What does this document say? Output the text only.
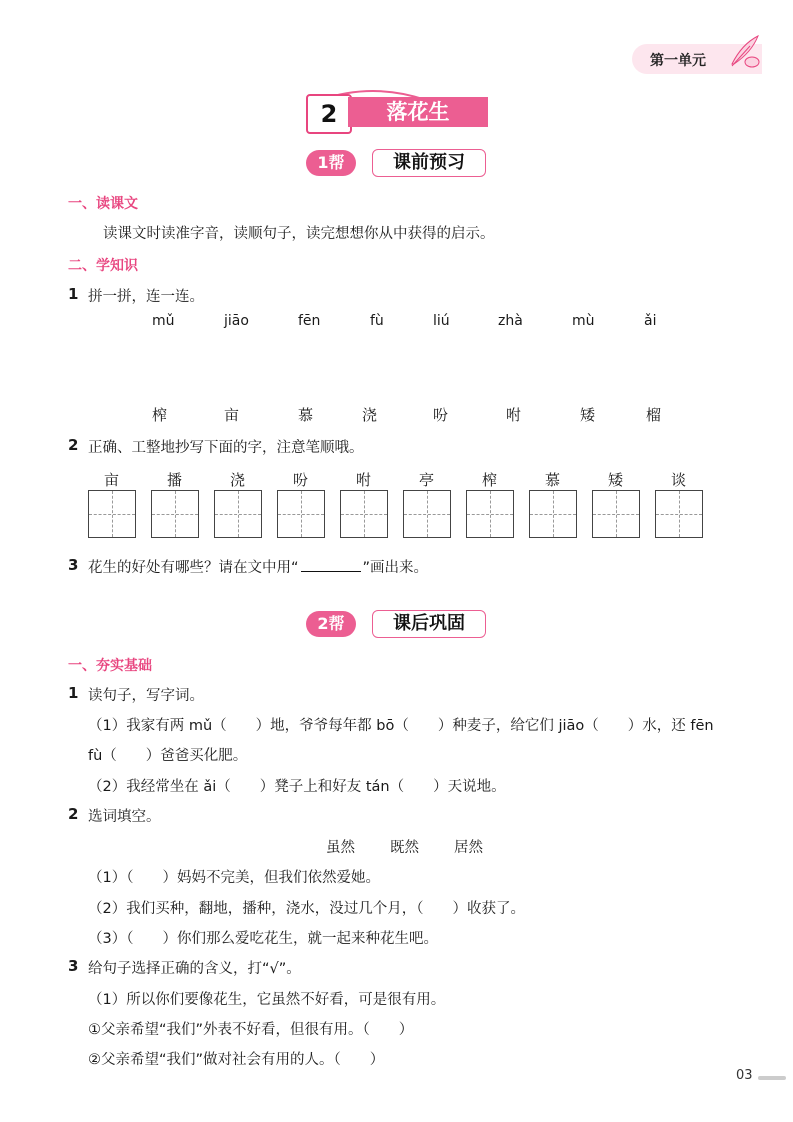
第一单元
2	落花生
1帮	课前预习
一、读课文
读课文时读准字音，读顺句子，读完想想你从中获得的启示。
二、学知识
1 拼一拼，连一连。
mǔ	jiāo	fēn	fù	liú	zhà	mù	ǎi
榨	亩	慕	浇	吩	咐	矮	榴
2 正确、工整地抄写下面的字，注意笔顺哦。
亩	播	浇	吩	咐	亭	榨	慕	矮	谈
3 花生的好处有哪些？请在文中用“	”画出来。
2帮	课后巩固
一、夯实基础
1 读句子，写字词。
（1）我家有两 mǔ（　　）地，爷爷每年都 bō（　　）种麦子，给它们 jiāo（　　）水，还 fēn
fù（　　）爸爸买化肥。
（2）我经常坐在 ǎi（　　）凳子上和好友 tán（　　）天说地。
2 选词填空。
虽然 既然 居然
（1）（　　）妈妈不完美，但我们依然爱她。
（2）我们买种，翻地，播种，浇水，没过几个月，（　　）收获了。
（3）（　　）你们那么爱吃花生，就一起来种花生吧。
3 给句子选择正确的含义，打“√”。
（1）所以你们要像花生，它虽然不好看，可是很有用。
①父亲希望“我们”外表不好看，但很有用。（　　）
②父亲希望“我们”做对社会有用的人。（　　）
03
